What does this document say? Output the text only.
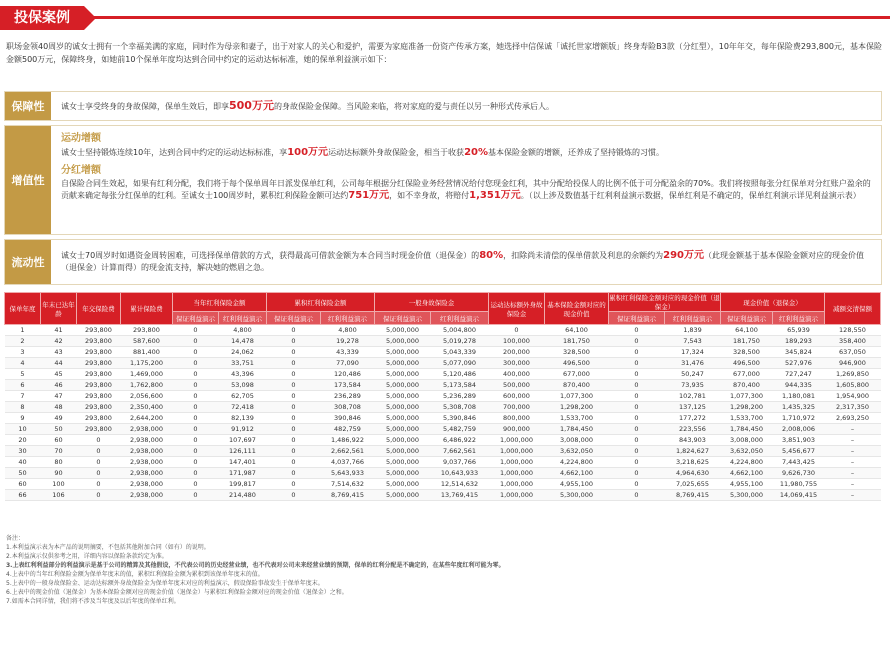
投保案例
职场金领40周岁的诚女士拥有一个幸福美满的家庭，同时作为母亲和妻子，出于对家人的关心和爱护，需要为家庭准备一份资产传承方案，她选择中信保诚「诚托世家增额版」终身寿险B3款（分红型），10年年交，每年保险费293,800元，基本保险金额500万元，保障终身，如她前10个保单年度均达到合同中约定的运动达标标准，她的保单利益演示如下：
保障性	诚女士享受终身的身故保障，保单生效后，即享500万元的身故保险金保障。当风险来临，将对家庭的爱与责任以另一种形式传承后人。
增值性
运动增额
诚女士坚持锻炼连续10年，达到合同中约定的运动达标标准，享100万元运动达标额外身故保险金，相当于收获20%基本保险金额的增额，还养成了坚持锻炼的习惯。
分红增额
自保险合同生效起，如果有红利分配，我们将于每个保单周年日派发保单红利，公司每年根据分红保险业务经营情况给付您现金红利，其中分配给投保人的比例不低于可分配盈余的70%。我们将按照每张分红保单对分红账户盈余的贡献来确定每张分红保单的红利。至诚女士100周岁时，累积红利保险金额可达约751万元，如不幸身故，将赔付1,351万元。（以上涉及数值基于红利利益演示数据，保单红利是不确定的，保单红利演示详见利益演示表）
流动性
诚女士70周岁时如遇资金周转困难，可选择保单借款的方式，获得最高可借款金额为本合同当时现金价值（退保金）的80%，扣除尚未清偿的保单借款及利息的余额约为290万元（此现金额基于基本保险金额对应的现金价值（退保金）计算而得）的现金流支持，解决她的燃眉之急。
保单年度	年末已达年龄	年交保险费	累计保险费	当年红利保险金额		累积红利保险金额		一般身故保险金		运动达标额外身故保险金	基本保险金额对应的现金价值	累积红利保险金额对应的现金价值（退保金）		现金价值（退保金）		减额交清保额
				保证利益演示	红利利益演示	保证利益演示	红利利益演示	保证利益演示	红利利益演示			保证利益演示	红利利益演示	保证利益演示	红利利益演示	
1	41	293,800	293,800	0	4,800	0	4,800	5,000,000	5,004,800	0	64,100	0	1,839	64,100	65,939	128,550
2	42	293,800	587,600	0	14,478	0	19,278	5,000,000	5,019,278	100,000	181,750	0	7,543	181,750	189,293	358,400
3	43	293,800	881,400	0	24,062	0	43,339	5,000,000	5,043,339	200,000	328,500	0	17,324	328,500	345,824	637,050
4	44	293,800	1,175,200	0	33,751	0	77,090	5,000,000	5,077,090	300,000	496,500	0	31,476	496,500	527,976	946,900
5	45	293,800	1,469,000	0	43,396	0	120,486	5,000,000	5,120,486	400,000	677,000	0	50,247	677,000	727,247	1,269,850
6	46	293,800	1,762,800	0	53,098	0	173,584	5,000,000	5,173,584	500,000	870,400	0	73,935	870,400	944,335	1,605,800
7	47	293,800	2,056,600	0	62,705	0	236,289	5,000,000	5,236,289	600,000	1,077,300	0	102,781	1,077,300	1,180,081	1,954,900
8	48	293,800	2,350,400	0	72,418	0	308,708	5,000,000	5,308,708	700,000	1,298,200	0	137,125	1,298,200	1,435,325	2,317,350
9	49	293,800	2,644,200	0	82,139	0	390,846	5,000,000	5,390,846	800,000	1,533,700	0	177,272	1,533,700	1,710,972	2,693,250
10	50	293,800	2,938,000	0	91,912	0	482,759	5,000,000	5,482,759	900,000	1,784,450	0	223,556	1,784,450	2,008,006	–
20	60	0	2,938,000	0	107,697	0	1,486,922	5,000,000	6,486,922	1,000,000	3,008,000	0	843,903	3,008,000	3,851,903	–
30	70	0	2,938,000	0	126,111	0	2,662,561	5,000,000	7,662,561	1,000,000	3,632,050	0	1,824,627	3,632,050	5,456,677	–
40	80	0	2,938,000	0	147,401	0	4,037,766	5,000,000	9,037,766	1,000,000	4,224,800	0	3,218,625	4,224,800	7,443,425	–
50	90	0	2,938,000	0	171,987	0	5,643,933	5,000,000	10,643,933	1,000,000	4,662,100	0	4,964,630	4,662,100	9,626,730	–
60	100	0	2,938,000	0	199,817	0	7,514,632	5,000,000	12,514,632	1,000,000	4,955,100	0	7,025,655	4,955,100	11,980,755	–
66	106	0	2,938,000	0	214,480	0	8,769,415	5,000,000	13,769,415	1,000,000	5,300,000	0	8,769,415	5,300,000	14,069,415	–
备注：
1.本利益演示表为本产品的说明摘要，不包括其他附加合同（如有）的说明。
2.本利益演示仅供参考之用，详细内容以保险条款约定为准。
3.上表红利利益部分的利益演示是基于公司的精算及其他假设，不代表公司的历史经营业绩，也不代表对公司未来经营业绩的预期，保单的红利分配是不确定的，在某些年度红利可能为零。
4.上表中的当年红利保险金额为保单年度末的值，累积红利保险金额为累积到该保单年度末的值。
5.上表中的一般身故保险金、运动达标额外身故保险金为保单年度末对应的利益演示，假设保险事故发生于保单年度末。
6.上表中的现金价值（退保金）为基本保险金额对应的现金价值（退保金）与累积红利保险金额对应的现金价值（退保金）之和。
7.如需本合同详情，我们将不涉及当年度及以后年度的保单红利。
